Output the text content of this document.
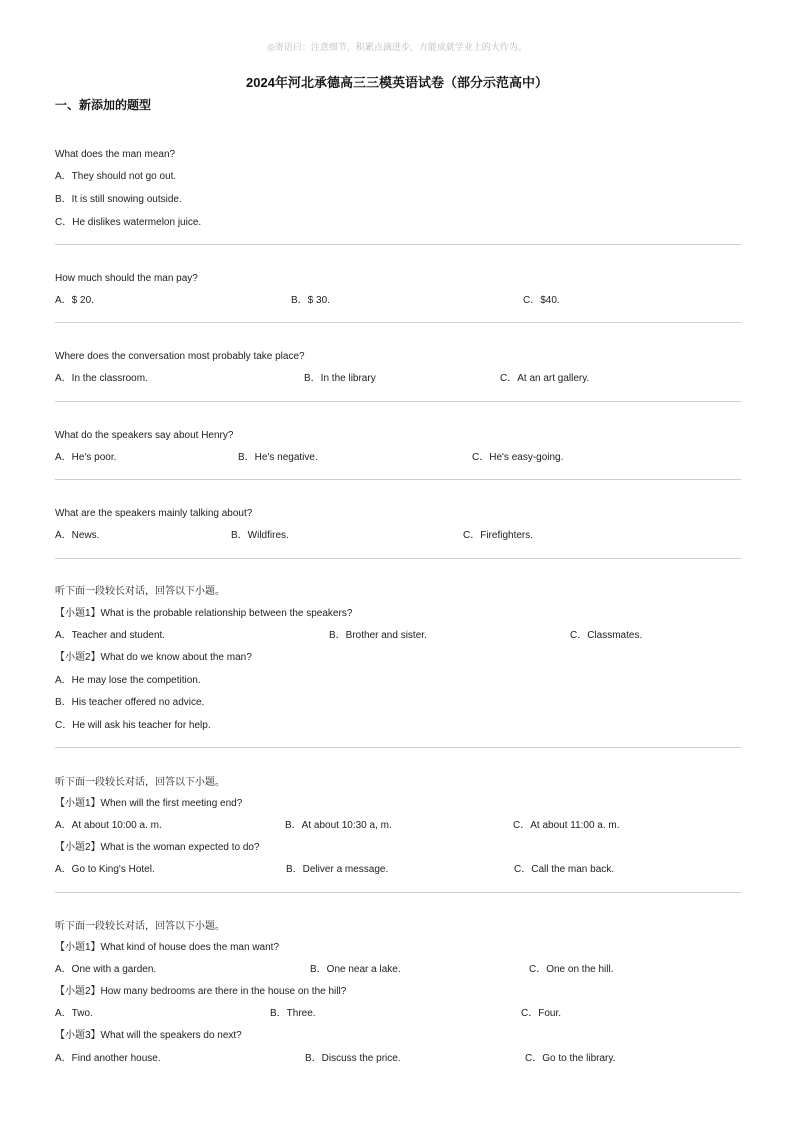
◎寄语曰：注意细节，积累点滴进步，方能成就学业上的大作为。
2024年河北承德高三三模英语试卷（部分示范高中）
一、新添加的题型
What does the man mean?
A．They should not go out.
B．It is still snowing outside.
C．He dislikes watermelon juice.
How much should the man pay?
A．$ 20.	B．$ 30.	C．$40.
Where does the conversation most probably take place?
A．In the classroom.	B．In the library	C．At an art gallery.
What do the speakers say about Henry?
A．He's poor.	B．He's negative.	C．He's easy-going.
What are the speakers mainly talking about?
A．News.	B．Wildfires.	C．Firefighters.
听下面一段较长对话，回答以下小题。
【小题1】What is the probable relationship between the speakers?
A．Teacher and student.	B．Brother and sister.	C．Classmates.
【小题2】What do we know about the man?
A．He may lose the competition.
B．His teacher offered no advice.
C．He will ask his teacher for help.
听下面一段较长对话，回答以下小题。
【小题1】When will the first meeting end?
A．At about 10:00 a. m.	B．At about 10:30 a, m.	C．At about 11:00 a. m.
【小题2】What is the woman expected to do?
A．Go to King's Hotel.	B．Deliver a message.	C．Call the man back.
听下面一段较长对话，回答以下小题。
【小题1】What kind of house does the man want?
A．One with a garden.	B．One near a lake.	C．One on the hill.
【小题2】How many bedrooms are there in the house on the hill?
A．Two.	B．Three.	C．Four.
【小题3】What will the speakers do next?
A．Find another house.	B．Discuss the price.	C．Go to the library.
